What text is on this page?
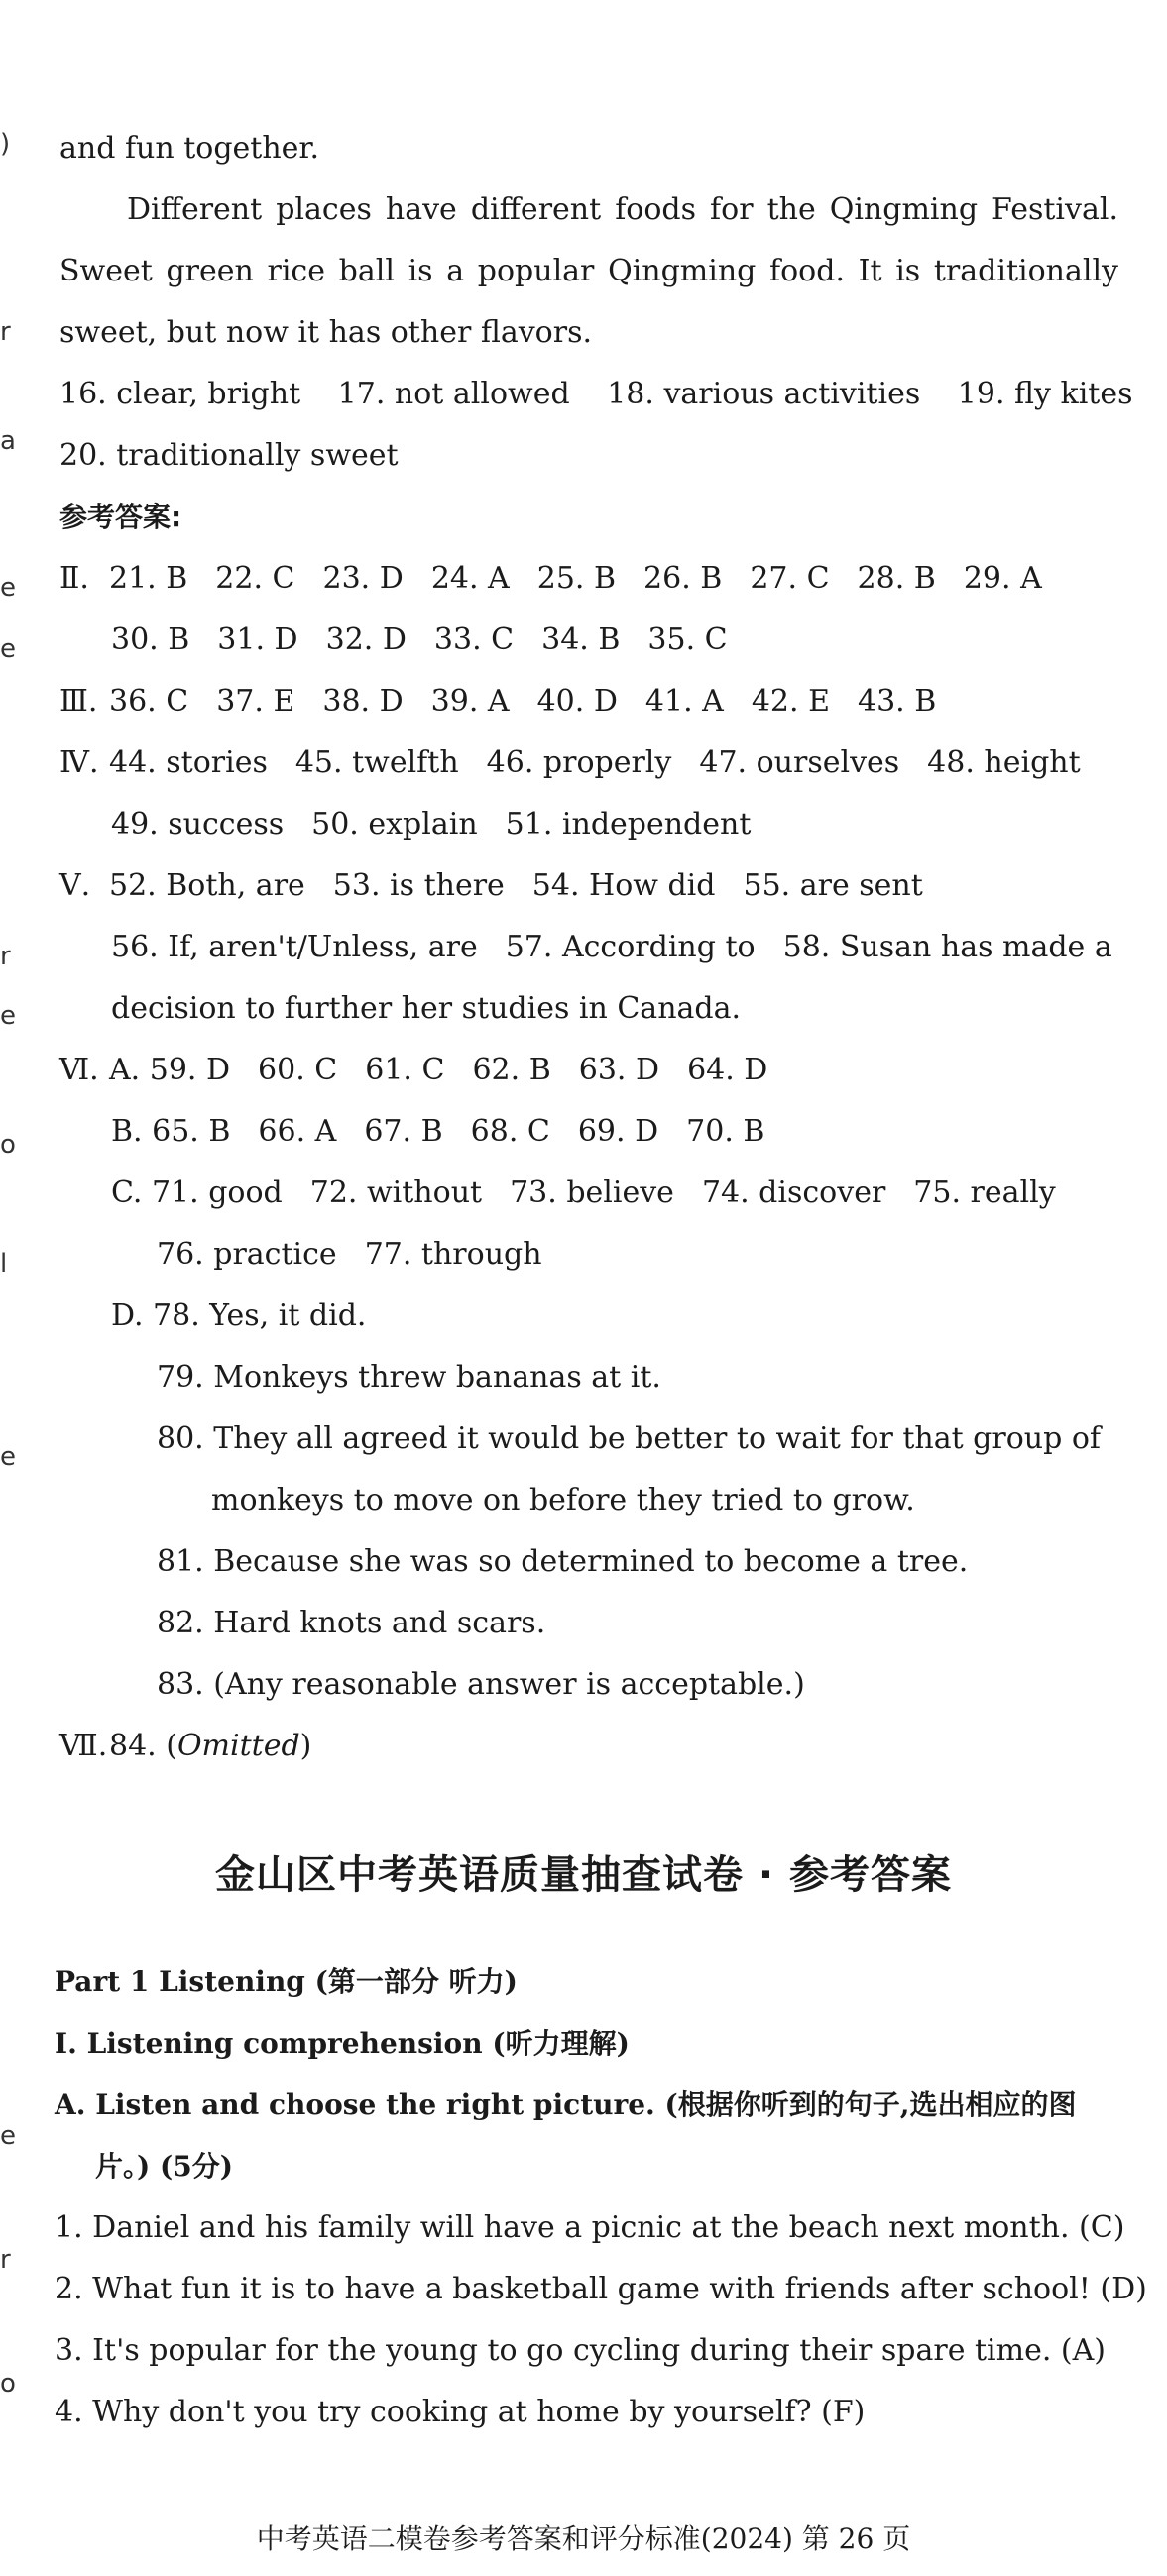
)
r
a
e
e
r
e
o
l
e
e
r
o
and fun together.
Different places have different foods for the Qingming Festival.
Sweet green rice ball is a popular Qingming food. It is traditionally
sweet, but now it has other flavors.
16. clear, bright 17. not allowed 18. various activities 19. fly kites
20. traditionally sweet
参考答案:
Ⅱ. 21. B 22. C 23. D 24. A 25. B 26. B 27. C 28. B 29. A
30. B 31. D 32. D 33. C 34. B 35. C
Ⅲ. 36. C 37. E 38. D 39. A 40. D 41. A 42. E 43. B
Ⅳ. 44. stories 45. twelfth 46. properly 47. ourselves 48. height
49. success 50. explain 51. independent
Ⅴ. 52. Both, are 53. is there 54. How did 55. are sent
56. If, aren't/Unless, are 57. According to 58. Susan has made a
decision to further her studies in Canada.
Ⅵ. A. 59. D 60. C 61. C 62. B 63. D 64. D
B. 65. B 66. A 67. B 68. C 69. D 70. B
C. 71. good 72. without 73. believe 74. discover 75. really
76. practice 77. through
D. 78. Yes, it did.
79. Monkeys threw bananas at it.
80. They all agreed it would be better to wait for that group of
monkeys to move on before they tried to grow.
81. Because she was so determined to become a tree.
82. Hard knots and scars.
83. (Any reasonable answer is acceptable.)
Ⅶ.84. (Omitted)
金山区中考英语质量抽查试卷 · 参考答案
Part 1 Listening (第一部分 听力)
Ⅰ. Listening comprehension (听力理解)
A. Listen and choose the right picture. (根据你听到的句子,选出相应的图
片。) (5分)
1. Daniel and his family will have a picnic at the beach next month. (C)
2. What fun it is to have a basketball game with friends after school! (D)
3. It's popular for the young to go cycling during their spare time. (A)
4. Why don't you try cooking at home by yourself? (F)
中考英语二模卷参考答案和评分标准(2024) 第 26 页
